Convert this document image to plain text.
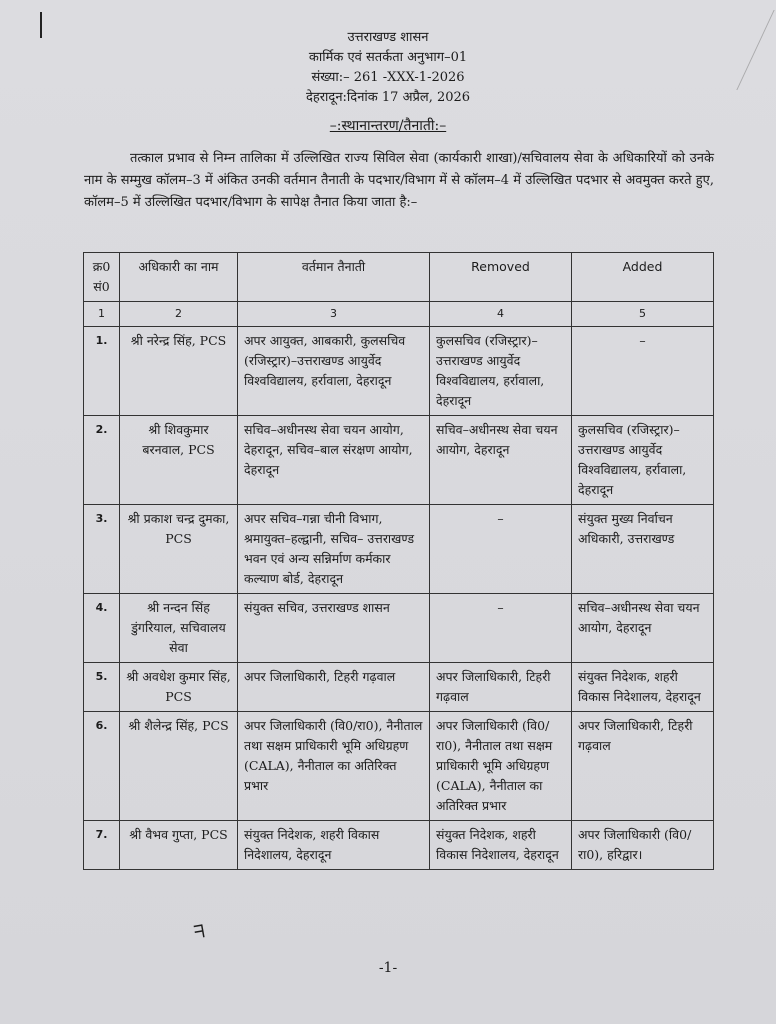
उत्तराखण्ड शासन
कार्मिक एवं सतर्कता अनुभाग–01
संख्या:– 261 -XXX-1-2026
देहरादून:दिनांक 17 अप्रैल, 2026
–:स्थानान्तरण/तैनाती:–
तत्काल प्रभाव से निम्न तालिका में उल्लिखित राज्य सिविल सेवा (कार्यकारी शाखा)/सचिवालय सेवा के अधिकारियों को उनके नाम के सम्मुख कॉलम–3 में अंकित उनकी वर्तमान तैनाती के पदभार/विभाग में से कॉलम–4 में उल्लिखित पदभार से अवमुक्त करते हुए, कॉलम–5 में उल्लिखित पदभार/विभाग के सापेक्ष तैनात किया जाता है:–
क्र0 सं0	अधिकारी का नाम	वर्तमान तैनाती	Removed	Added
1	2	3	4	5
1.	श्री नरेन्द्र सिंह, PCS	अपर आयुक्त, आबकारी, कुलसचिव (रजिस्ट्रार)–उत्तराखण्ड आयुर्वेद विश्वविद्यालय, हर्रावाला, देहरादून	कुलसचिव (रजिस्ट्रार)– उत्तराखण्ड आयुर्वेद विश्वविद्यालय, हर्रावाला, देहरादून	–
2.	श्री शिवकुमार बरनवाल, PCS	सचिव–अधीनस्थ सेवा चयन आयोग, देहरादून, सचिव–बाल संरक्षण आयोग, देहरादून	सचिव–अधीनस्थ सेवा चयन आयोग, देहरादून	कुलसचिव (रजिस्ट्रार)– उत्तराखण्ड आयुर्वेद विश्वविद्यालय, हर्रावाला, देहरादून
3.	श्री प्रकाश चन्द्र दुमका, PCS	अपर सचिव–गन्ना चीनी विभाग, श्रमायुक्त–हल्द्वानी, सचिव– उत्तराखण्ड भवन एवं अन्य सन्निर्माण कर्मकार कल्याण बोर्ड, देहरादून	–	संयुक्त मुख्य निर्वाचन अधिकारी, उत्तराखण्ड
4.	श्री नन्दन सिंह डुंगरियाल, सचिवालय सेवा	संयुक्त सचिव, उत्तराखण्ड शासन	–	सचिव–अधीनस्थ सेवा चयन आयोग, देहरादून
5.	श्री अवधेश कुमार सिंह, PCS	अपर जिलाधिकारी, टिहरी गढ़वाल	अपर जिलाधिकारी, टिहरी गढ़वाल	संयुक्त निदेशक, शहरी विकास निदेशालय, देहरादून
6.	श्री शैलेन्द्र सिंह, PCS	अपर जिलाधिकारी (वि0/रा0), नैनीताल तथा सक्षम प्राधिकारी भूमि अधिग्रहण (CALA), नैनीताल का अतिरिक्त प्रभार	अपर जिलाधिकारी (वि0/रा0), नैनीताल तथा सक्षम प्राधिकारी भूमि अधिग्रहण (CALA), नैनीताल का अतिरिक्त प्रभार	अपर जिलाधिकारी, टिहरी गढ़वाल
7.	श्री वैभव गुप्ता, PCS	संयुक्त निदेशक, शहरी विकास निदेशालय, देहरादून	संयुक्त निदेशक, शहरी विकास निदेशालय, देहरादून	अपर जिलाधिकारी (वि0/रा0), हरिद्वार।
ᖷ
-1-
